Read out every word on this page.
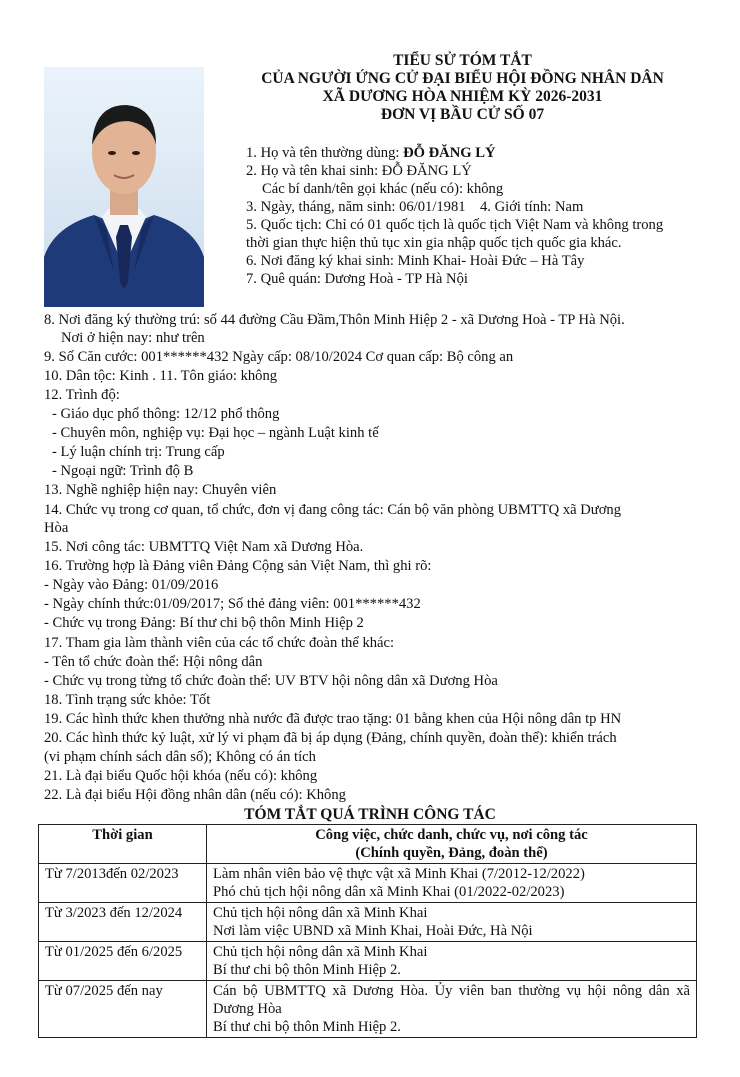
TIỂU SỬ TÓM TẮT
CỦA NGƯỜI ỨNG CỬ ĐẠI BIỂU HỘI ĐỒNG NHÂN DÂN
XÃ DƯƠNG HÒA NHIỆM KỲ 2026-2031
ĐƠN VỊ BẦU CỬ SỐ 07
1. Họ và tên thường dùng: ĐỖ ĐĂNG LÝ
2. Họ và tên khai sinh: ĐỖ ĐĂNG LÝ
Các bí danh/tên gọi khác (nếu có): không
3. Ngày, tháng, năm sinh: 06/01/1981 4. Giới tính: Nam
5. Quốc tịch: Chỉ có 01 quốc tịch là quốc tịch Việt Nam và không trong
thời gian thực hiện thủ tục xin gia nhập quốc tịch quốc gia khác.
6. Nơi đăng ký khai sinh: Minh Khai- Hoài Đức – Hà Tây
7. Quê quán: Dương Hoà - TP Hà Nội
8. Nơi đăng ký thường trú: số 44 đường Cầu Đầm,Thôn Minh Hiệp 2 - xã Dương Hoà - TP Hà Nội.
Nơi ở hiện nay: như trên
9. Số Căn cước: 001******432 Ngày cấp: 08/10/2024 Cơ quan cấp: Bộ công an
10. Dân tộc: Kinh . 11. Tôn giáo: không
12. Trình độ:
- Giáo dục phổ thông: 12/12 phổ thông
- Chuyên môn, nghiệp vụ: Đại học – ngành Luật kinh tế
- Lý luận chính trị: Trung cấp
- Ngoại ngữ: Trình độ B
13. Nghề nghiệp hiện nay: Chuyên viên
14. Chức vụ trong cơ quan, tổ chức, đơn vị đang công tác: Cán bộ văn phòng UBMTTQ xã Dương
Hòa
15. Nơi công tác: UBMTTQ Việt Nam xã Dương Hòa.
16. Trường hợp là Đảng viên Đảng Cộng sản Việt Nam, thì ghi rõ:
- Ngày vào Đảng: 01/09/2016
- Ngày chính thức:01/09/2017; Số thẻ đảng viên: 001******432
- Chức vụ trong Đảng: Bí thư chi bộ thôn Minh Hiệp 2
17. Tham gia làm thành viên của các tổ chức đoàn thể khác:
- Tên tổ chức đoàn thể: Hội nông dân
- Chức vụ trong từng tổ chức đoàn thể: UV BTV hội nông dân xã Dương Hòa
18. Tình trạng sức khỏe: Tốt
19. Các hình thức khen thưởng nhà nước đã được trao tặng: 01 bằng khen của Hội nông dân tp HN
20. Các hình thức kỷ luật, xử lý vi phạm đã bị áp dụng (Đảng, chính quyền, đoàn thể): khiển trách
(vi phạm chính sách dân số); Không có án tích
21. Là đại biểu Quốc hội khóa (nếu có): không
22. Là đại biểu Hội đồng nhân dân (nếu có): Không
TÓM TẮT QUÁ TRÌNH CÔNG TÁC
Thời gian	Công việc, chức danh, chức vụ, nơi công tác
(Chính quyền, Đảng, đoàn thể)

Từ 7/2013đến 02/2023	Làm nhân viên bảo vệ thực vật xã Minh Khai (7/2012-12/2022)
Phó chủ tịch hội nông dân xã Minh Khai (01/2022-02/2023)

Từ 3/2023 đến 12/2024	Chủ tịch hội nông dân xã Minh Khai
Nơi làm việc UBND xã Minh Khai, Hoài Đức, Hà Nội

Từ 01/2025 đến 6/2025	Chủ tịch hội nông dân xã Minh Khai
Bí thư chi bộ thôn Minh Hiệp 2.

Từ 07/2025 đến nay	Cán bộ UBMTTQ xã Dương Hòa. Ủy viên ban thường vụ hội nông dân xã Dương Hòa
Bí thư chi bộ thôn Minh Hiệp 2.
